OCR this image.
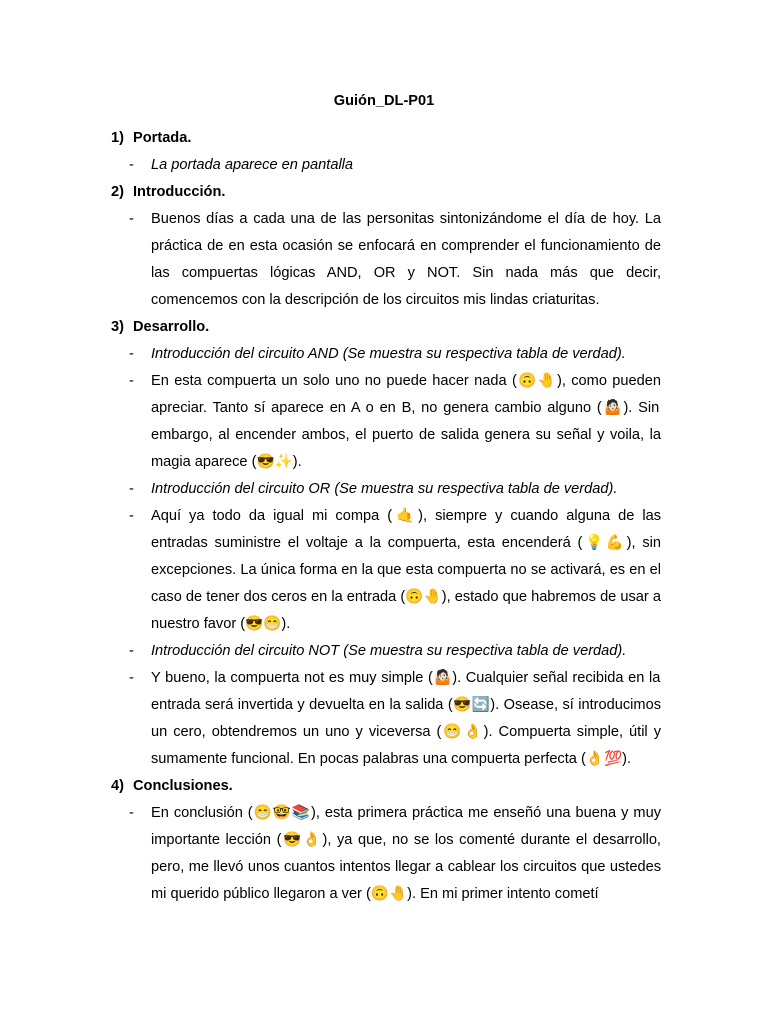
Guión_DL-P01
1) Portada.
-	La portada aparece en pantalla
2) Introducción.
-	Buenos días a cada una de las personitas sintonizándome el día de hoy. La práctica de en esta ocasión se enfocará en comprender el funcionamiento de las compuertas lógicas AND, OR y NOT. Sin nada más que decir, comencemos con la descripción de los circuitos mis lindas criaturitas.
3) Desarrollo.
-	Introducción del circuito AND (Se muestra su respectiva tabla de verdad).
-	En esta compuerta un solo uno no puede hacer nada (🙃🤚), como pueden apreciar. Tanto sí aparece en A o en B, no genera cambio alguno (🤷🏻). Sin embargo, al encender ambos, el puerto de salida genera su señal y voila, la magia aparece (😎✨).
-	Introducción del circuito OR (Se muestra su respectiva tabla de verdad).
-	Aquí ya todo da igual mi compa (🤙), siempre y cuando alguna de las entradas suministre el voltaje a la compuerta, esta encenderá (💡💪), sin excepciones. La única forma en la que esta compuerta no se activará, es en el caso de tener dos ceros en la entrada (🙃🤚), estado que habremos de usar a nuestro favor (😎😁).
-	Introducción del circuito NOT (Se muestra su respectiva tabla de verdad).
-	Y bueno, la compuerta not es muy simple (🤷🏻). Cualquier señal recibida en la entrada será invertida y devuelta en la salida (😎🔄). Osease, sí introducimos un cero, obtendremos un uno y viceversa (😁👌). Compuerta simple, útil y sumamente funcional. En pocas palabras una compuerta perfecta (👌💯).
4) Conclusiones.
-	En conclusión (😁🤓📚), esta primera práctica me enseñó una buena y muy importante lección (😎👌), ya que, no se los comenté durante el desarrollo, pero, me llevó unos cuantos intentos llegar a cablear los circuitos que ustedes mi querido público llegaron a ver (🙃🤚). En mi primer intento cometí
